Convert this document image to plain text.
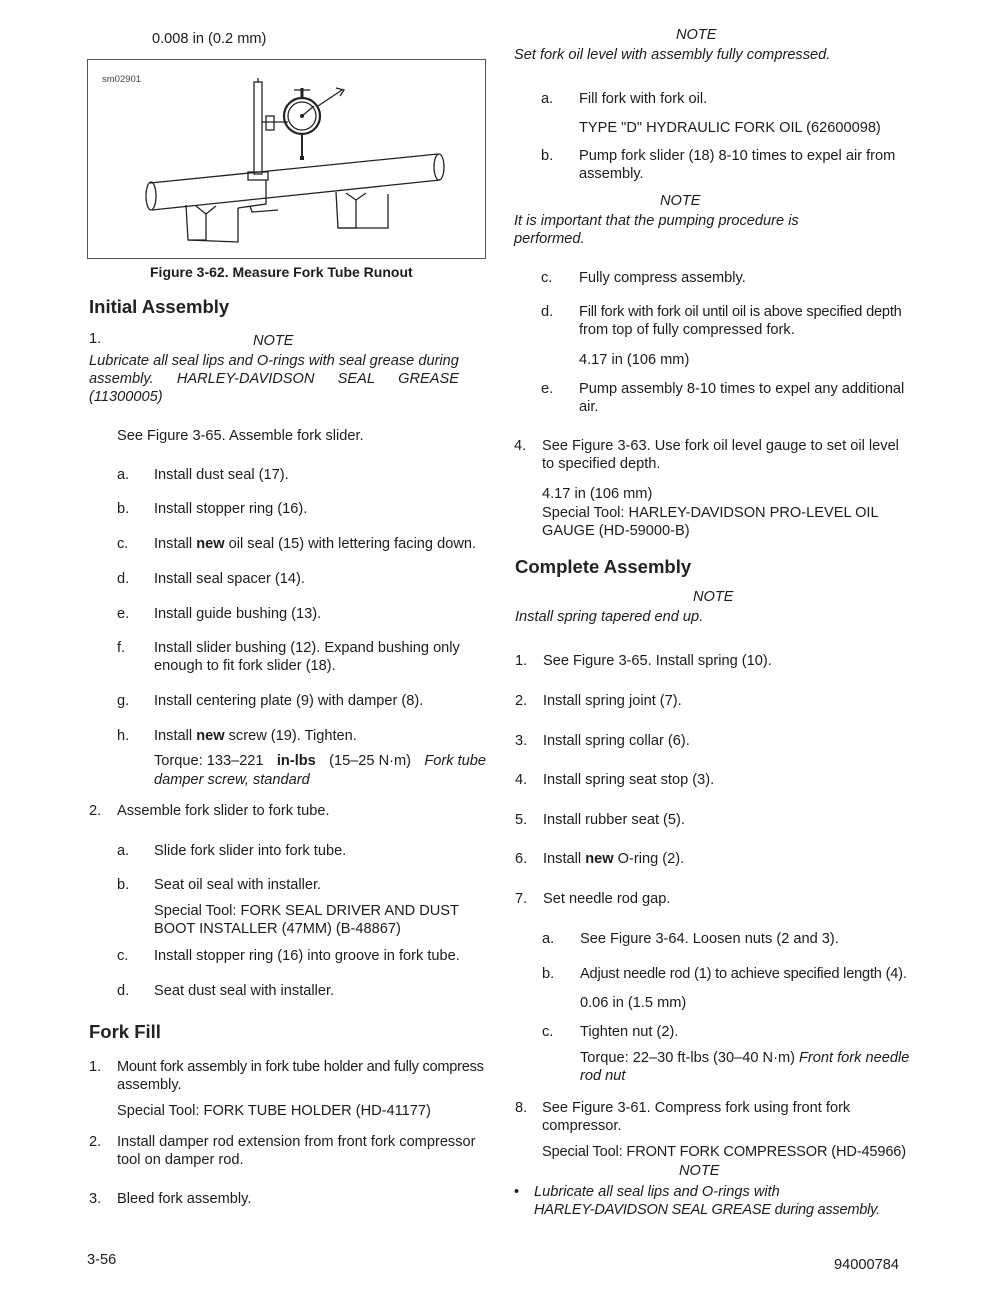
0.008 in (0.2 mm)
sm02901
Figure 3-62. Measure Fork Tube Runout
Initial Assembly
1.	NOTE
Lubricate all seal lips and O-rings with seal grease during
assembly. HARLEY-DAVIDSON SEAL GREASE
(11300005)
See Figure 3-65. Assemble fork slider.
a. Install dust seal (17).
b. Install stopper ring (16).
c. Install new oil seal (15) with lettering facing down.
d. Install seal spacer (14).
e. Install guide bushing (13).
f. Install slider bushing (12). Expand bushing only
enough to fit fork slider (18).
g. Install centering plate (9) with damper (8).
h. Install new screw (19). Tighten.
Torque: 133–221 in-lbs (15–25 N·m) Fork tube
damper screw, standard
2. Assemble fork slider to fork tube.
a. Slide fork slider into fork tube.
b. Seat oil seal with installer.
Special Tool: FORK SEAL DRIVER AND DUST
BOOT INSTALLER (47MM) (B-48867)
c. Install stopper ring (16) into groove in fork tube.
d. Seat dust seal with installer.
Fork Fill
1. Mount fork assembly in fork tube holder and fully compress
assembly.
Special Tool: FORK TUBE HOLDER (HD-41177)
2. Install damper rod extension from front fork compressor
tool on damper rod.
3. Bleed fork assembly.
3-56
NOTE
Set fork oil level with assembly fully compressed.
a. Fill fork with fork oil.
TYPE "D" HYDRAULIC FORK OIL (62600098)
b. Pump fork slider (18) 8-10 times to expel air from
assembly.
NOTE
It is important that the pumping procedure is
performed.
c. Fully compress assembly.
d. Fill fork with fork oil until oil is above specified depth
from top of fully compressed fork.
4.17 in (106 mm)
e. Pump assembly 8-10 times to expel any additional
air.
4. See Figure 3-63. Use fork oil level gauge to set oil level
to specified depth.
4.17 in (106 mm)
Special Tool: HARLEY-DAVIDSON PRO-LEVEL OIL
GAUGE (HD-59000-B)
Complete Assembly
NOTE
Install spring tapered end up.
1. See Figure 3-65. Install spring (10).
2. Install spring joint (7).
3. Install spring collar (6).
4. Install spring seat stop (3).
5. Install rubber seat (5).
6. Install new O-ring (2).
7. Set needle rod gap.
a. See Figure 3-64. Loosen nuts (2 and 3).
b. Adjust needle rod (1) to achieve specified length (4).
0.06 in (1.5 mm)
c. Tighten nut (2).
Torque: 22–30 ft-lbs (30–40 N·m) Front fork needle
rod nut
8. See Figure 3-61. Compress fork using front fork
compressor.
Special Tool: FRONT FORK COMPRESSOR (HD-45966)
NOTE
• Lubricate all seal lips and O-rings with
HARLEY-DAVIDSON SEAL GREASE during assembly.
94000784
